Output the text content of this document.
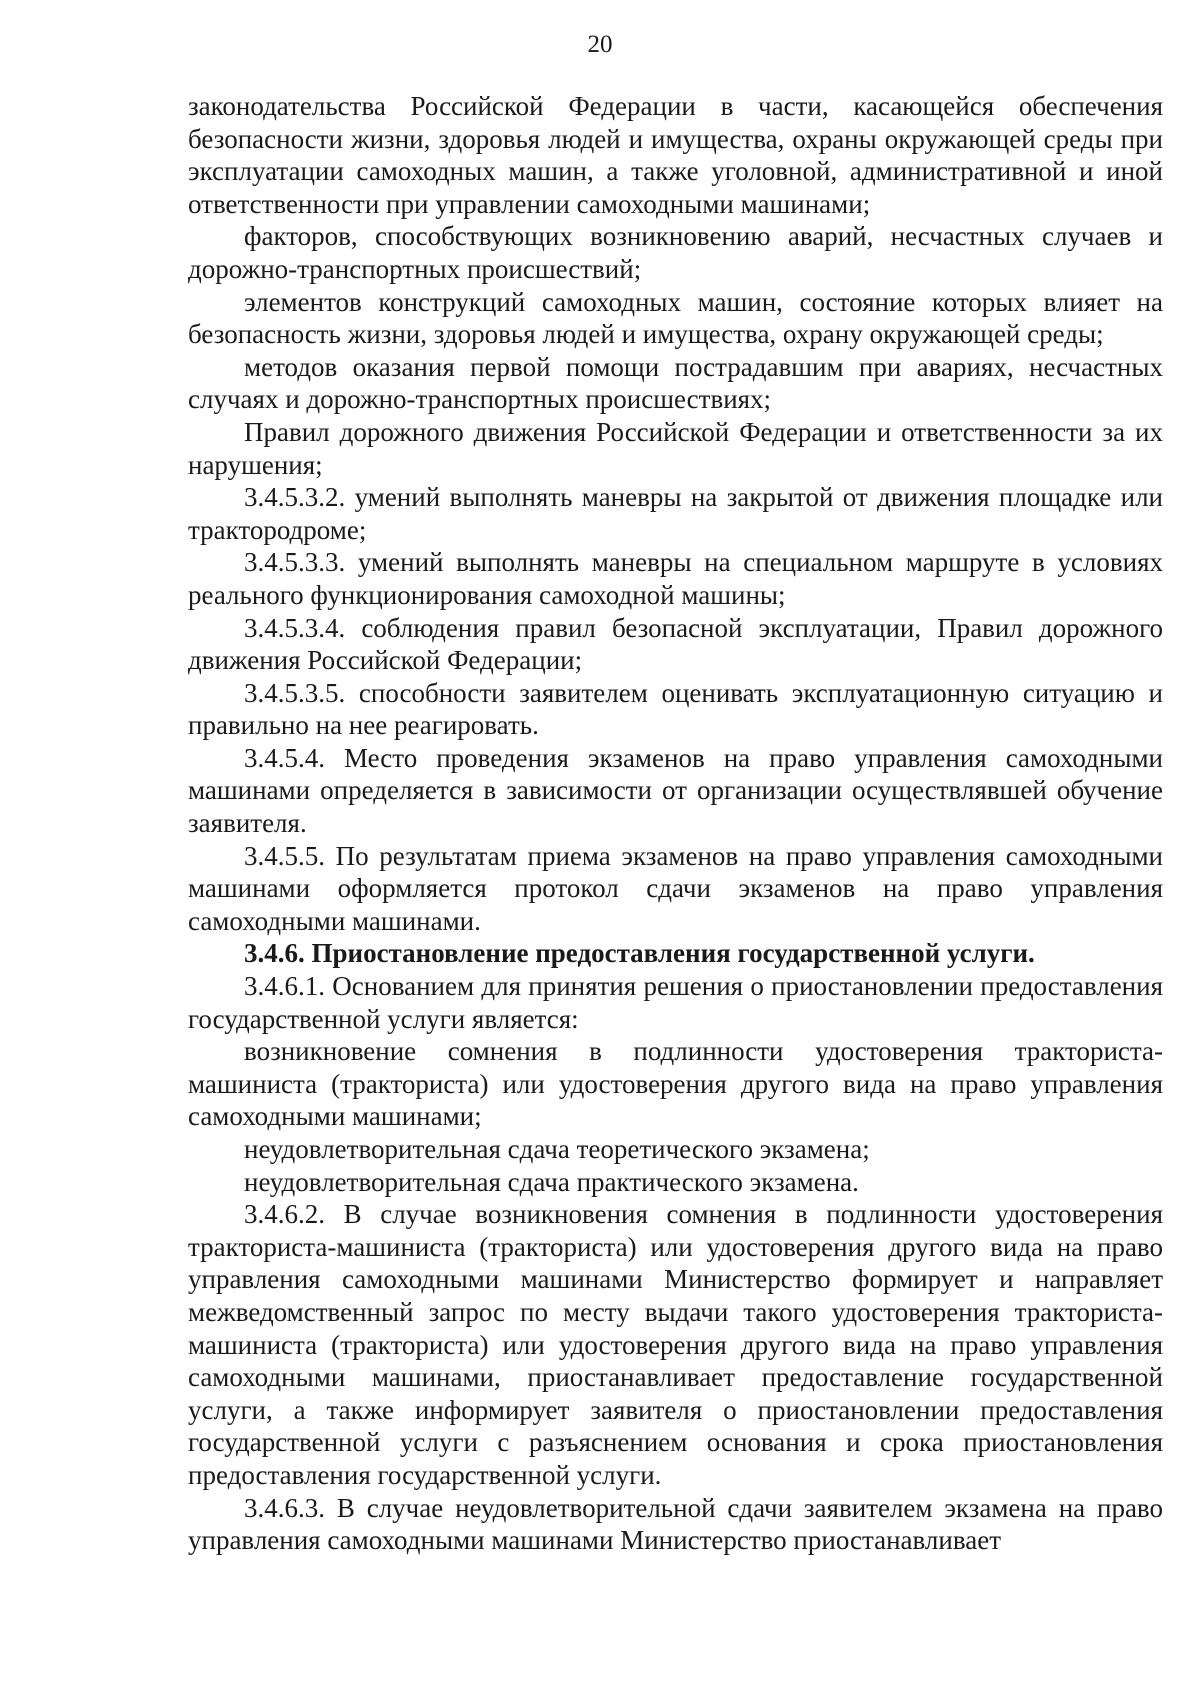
20

законодательства Российской Федерации в части, касающейся обеспечения безопасности жизни, здоровья людей и имущества, охраны окружающей среды при эксплуатации самоходных машин, а также уголовной, административной и иной ответственности при управлении самоходными машинами;

факторов, способствующих возникновению аварий, несчастных случаев и дорожно-транспортных происшествий;

элементов конструкций самоходных машин, состояние которых влияет на безопасность жизни, здоровья людей и имущества, охрану окружающей среды;

методов оказания первой помощи пострадавшим при авариях, несчастных случаях и дорожно-транспортных происшествиях;

Правил дорожного движения Российской Федерации и ответственности за их нарушения;

3.4.5.3.2. умений выполнять маневры на закрытой от движения площадке или трактородроме;

3.4.5.3.3. умений выполнять маневры на специальном маршруте в условиях реального функционирования самоходной машины;

3.4.5.3.4. соблюдения правил безопасной эксплуатации, Правил дорожного движения Российской Федерации;

3.4.5.3.5. способности заявителем оценивать эксплуатационную ситуацию и правильно на нее реагировать.

3.4.5.4. Место проведения экзаменов на право управления самоходными машинами определяется в зависимости от организации осуществлявшей обучение заявителя.

3.4.5.5. По результатам приема экзаменов на право управления самоходными машинами оформляется протокол сдачи экзаменов на право управления самоходными машинами.

3.4.6. Приостановление предоставления государственной услуги.

3.4.6.1. Основанием для принятия решения о приостановлении предоставления государственной услуги является:

возникновение сомнения в подлинности удостоверения тракториста-машиниста (тракториста) или удостоверения другого вида на право управления самоходными машинами;

неудовлетворительная сдача теоретического экзамена;

неудовлетворительная сдача практического экзамена.

3.4.6.2. В случае возникновения сомнения в подлинности удостоверения тракториста-машиниста (тракториста) или удостоверения другого вида на право управления самоходными машинами Министерство формирует и направляет межведомственный запрос по месту выдачи такого удостоверения тракториста-машиниста (тракториста) или удостоверения другого вида на право управления самоходными машинами, приостанавливает предоставление государственной услуги, а также информирует заявителя о приостановлении предоставления государственной услуги с разъяснением основания и срока приостановления предоставления государственной услуги.

3.4.6.3. В случае неудовлетворительной сдачи заявителем экзамена на право управления самоходными машинами Министерство приостанавливает
